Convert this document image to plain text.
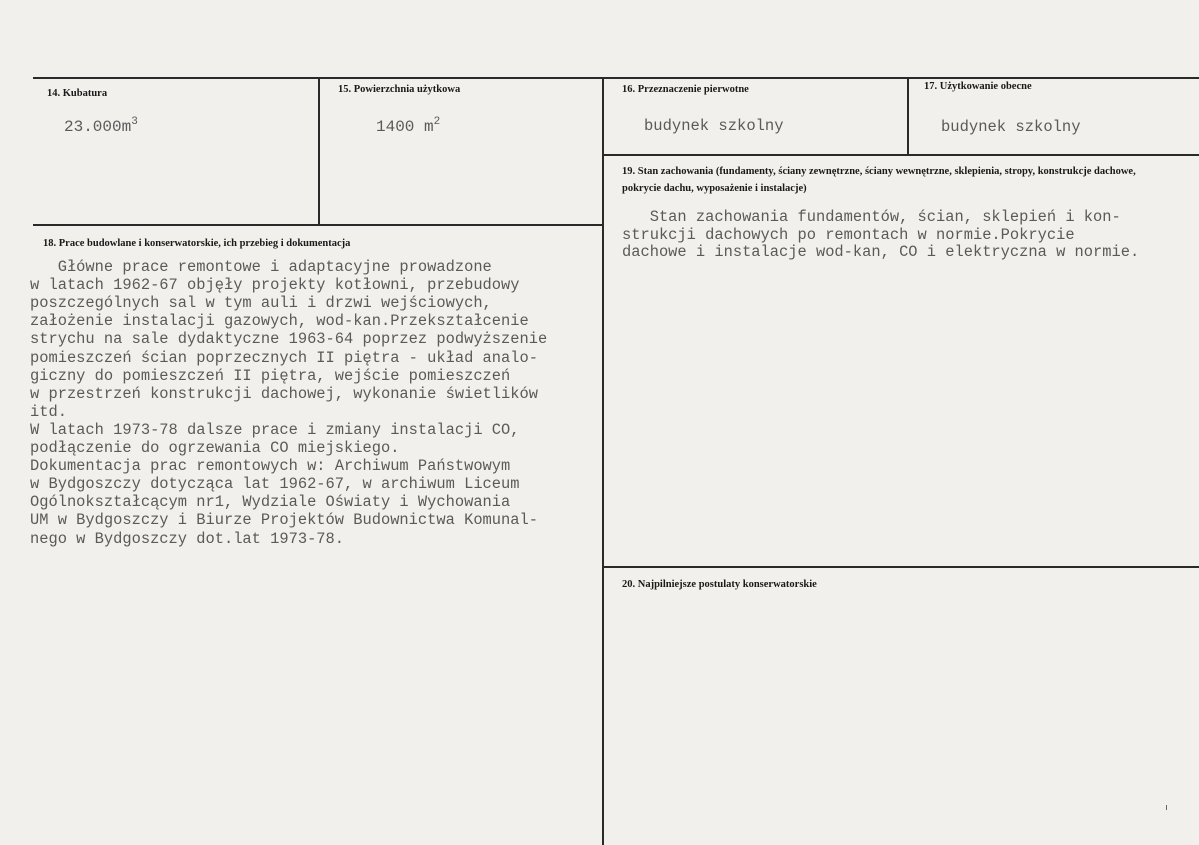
14. Kubatura
$23.000m^3$
15. Powierzchnia użytkowa
1400 $m^2$
16. Przeznaczenie pierwotne
budynek szkolny
17. Użytkowanie obecne
budynek szkolny
18. Prace budowlane i konserwatorskie, ich przebieg i dokumentacja
Główne prace remontowe i adaptacyjne prowadzone
w latach 1962-67 objęły projekty kotłowni, przebudowy
poszczególnych sal w tym auli i drzwi wejściowych,
założenie instalacji gazowych, wod-kan.Przekształcenie
strychu na sale dydaktyczne 1963-64 poprzez podwyższenie
pomieszczeń ścian poprzecznych II piętra - układ analo-
giczny do pomieszczeń II piętra, wejście pomieszczeń
w przestrzeń konstrukcji dachowej, wykonanie świetlików
itd.
W latach 1973-78 dalsze prace i zmiany instalacji CO,
podłączenie do ogrzewania CO miejskiego.
Dokumentacja prac remontowych w: Archiwum Państwowym
w Bydgoszczy dotycząca lat 1962-67, w archiwum Liceum
Ogólnokształcącym nr1, Wydziale Oświaty i Wychowania
UM w Bydgoszczy i Biurze Projektów Budownictwa Komunal-
nego w Bydgoszczy dot.lat 1973-78.
19. Stan zachowania (fundamenty, ściany zewnętrzne, ściany wewnętrzne, sklepienia, stropy, konstrukcje dachowe, pokrycie dachu, wyposażenie i instalacje)
Stan zachowania fundamentów, ścian, sklepień i kon-
strukcji dachowych po remontach w normie.Pokrycie
dachowe i instalacje wod-kan, CO i elektryczna w normie.
20. Najpilniejsze postulaty konserwatorskie
